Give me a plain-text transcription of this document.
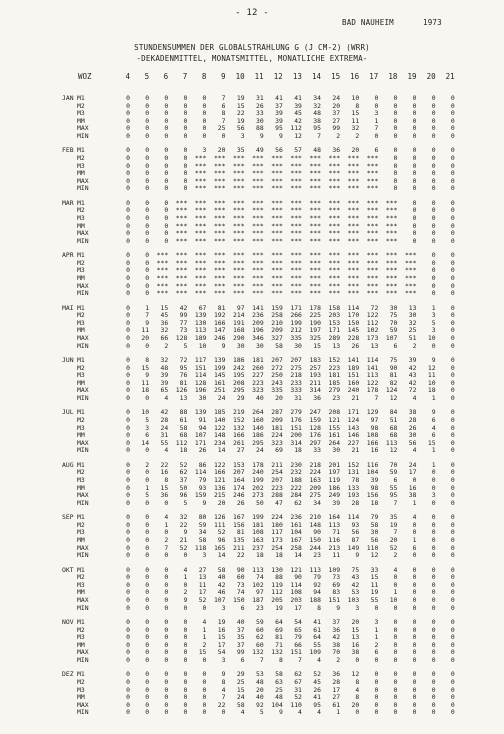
- 12 -
BAD NAUHEIM	1973
STUNDENSUMMEN DER GLOBALSTRAHLUNG G (J CM-2) (WRR)
-DEKADENMITTEL, MONATSMITTEL, MONATLICHE EXTREMA-
WOZ	4	5	6	7	8	9	10	11	12	13	14	15	16	17	18	19	20	21
JAN M1	0	0	0	0	0	7	19	31	41	41	34	24	10	0	0	0	0	0
M2	0	0	0	0	0	6	15	26	37	39	32	20	8	0	0	0	0	0
M3	0	0	0	0	0	8	22	33	39	45	48	37	15	3	0	0	0	0
MM	0	0	0	0	0	7	19	30	39	42	38	27	11	1	0	0	0	0
MAX	0	0	0	0	0	25	56	88	95	112	95	99	32	7	0	0	0	0
MIN	0	0	0	0	0	0	3	9	9	12	7	2	2	0	0	0	0	0
FEB M1	0	0	0	0	3	20	35	49	56	57	48	36	20	6	0	0	0	0
M2	0	0	0	0	***	***	***	***	***	***	***	***	***	***	0	0	0	0
M3	0	0	0	0	***	***	***	***	***	***	***	***	***	***	0	0	0	0
MM	0	0	0	0	***	***	***	***	***	***	***	***	***	***	0	0	0	0
MAX	0	0	0	0	***	***	***	***	***	***	***	***	***	***	0	0	0	0
MIN	0	0	0	0	***	***	***	***	***	***	***	***	***	***	0	0	0	0
MAR M1	0	0	0	***	***	***	***	***	***	***	***	***	***	***	***	0	0	0
M2	0	0	0	***	***	***	***	***	***	***	***	***	***	***	***	0	0	0
M3	0	0	0	***	***	***	***	***	***	***	***	***	***	***	***	0	0	0
MM	0	0	0	***	***	***	***	***	***	***	***	***	***	***	***	0	0	0
MAX	0	0	0	***	***	***	***	***	***	***	***	***	***	***	***	0	0	0
MIN	0	0	0	***	***	***	***	***	***	***	***	***	***	***	***	0	0	0
APR M1	0	0	***	***	***	***	***	***	***	***	***	***	***	***	***	***	0	0
M2	0	0	***	***	***	***	***	***	***	***	***	***	***	***	***	***	0	0
M3	0	0	***	***	***	***	***	***	***	***	***	***	***	***	***	***	0	0
MM	0	0	***	***	***	***	***	***	***	***	***	***	***	***	***	***	0	0
MAX	0	0	***	***	***	***	***	***	***	***	***	***	***	***	***	***	0	0
MIN	0	0	***	***	***	***	***	***	***	***	***	***	***	***	***	***	0	0
MAI M1	0	1	15	42	67	81	97	141	159	171	178	158	114	72	30	13	1	0
M2	0	7	45	99	139	192	214	236	258	266	225	203	170	122	75	30	3	0
M3	0	9	36	77	130	166	191	209	210	199	190	153	150	112	70	32	5	0
MM	0	11	32	73	113	147	168	196	209	212	197	171	145	102	59	25	3	0
MAX	0	20	66	128	189	246	290	346	327	335	325	289	228	173	107	51	10	0
MIN	0	0	2	5	10	9	30	30	58	30	15	13	26	13	6	2	0	0
JUN M1	0	8	32	72	117	139	186	181	207	207	183	152	141	114	75	39	9	0
M2	0	15	48	95	151	199	242	260	272	275	257	223	189	141	90	42	12	0
M3	0	9	39	76	114	145	195	227	250	218	193	181	151	113	81	43	11	0
MM	0	11	39	81	128	161	208	223	243	233	211	185	160	122	82	42	10	0
MAX	0	18	65	126	196	251	295	323	335	333	314	279	240	178	124	72	18	0
MIN	0	0	4	13	30	24	29	40	20	31	36	23	21	7	12	4	1	0
JUL M1	0	10	42	88	139	185	219	264	287	279	247	208	171	129	84	38	9	0
M2	0	5	28	61	91	140	152	160	209	176	159	121	124	97	51	28	6	0
M3	0	3	24	58	94	122	132	140	181	151	128	155	143	98	68	26	4	0
MM	0	6	31	68	107	148	166	186	224	200	176	161	146	108	68	30	6	0
MAX	0	14	55	112	171	234	261	295	323	314	297	264	227	166	113	56	15	0
MIN	0	0	4	18	26	14	27	24	69	18	33	30	21	16	12	4	1	0
AUG M1	0	2	22	52	86	122	153	178	211	230	218	201	152	116	70	24	1	0
M2	0	0	16	62	114	166	207	240	254	232	224	197	131	104	59	17	0	0
M3	0	0	8	37	79	121	164	199	207	188	163	119	78	39	6	0	0	0
MM	0	1	15	50	93	136	174	202	223	222	209	186	133	98	55	16	0	0
MAX	0	5	36	96	159	215	246	273	288	284	275	249	193	156	95	38	3	0
MIN	0	0	0	5	9	20	26	50	47	62	34	39	28	18	7	1	0	0
SEP M1	0	0	4	32	80	126	167	199	224	236	210	164	114	79	35	4	0	0
M2	0	0	1	22	59	111	156	181	180	161	148	113	93	58	19	0	0	0
M3	0	0	0	9	34	52	81	108	117	104	90	71	56	30	7	0	0	0
MM	0	0	2	21	58	96	135	163	173	167	150	116	87	56	20	1	0	0
MAX	0	0	7	52	118	165	211	237	254	258	244	213	149	110	52	6	0	0
MIN	0	0	0	0	3	14	22	18	18	14	23	11	9	12	2	0	0	0
OKT M1	0	0	0	4	27	58	90	113	130	121	113	109	75	33	4	0	0	0
M2	0	0	0	1	13	40	60	74	88	90	79	73	43	15	0	0	0	0
M3	0	0	0	0	11	42	73	102	119	114	92	69	42	11	0	0	0	0
MM	0	0	0	2	17	46	74	97	112	108	94	83	53	19	1	0	0	0
MAX	0	0	0	9	52	107	150	187	205	203	188	151	103	55	10	0	0	0
MIN	0	0	0	0	0	3	6	23	19	17	8	9	3	0	0	0	0	0
NOV M1	0	0	0	0	4	19	40	59	64	54	41	37	20	3	0	0	0	0
M2	0	0	0	0	1	16	37	60	69	65	61	36	15	1	0	0	0	0
M3	0	0	0	0	1	15	35	62	81	79	64	42	13	1	0	0	0	0
MM	0	0	0	0	2	17	37	60	71	66	55	38	16	2	0	0	0	0
MAX	0	0	0	0	15	54	99	132	132	151	109	70	38	6	0	0	0	0
MIN	0	0	0	0	0	3	6	7	8	7	4	2	0	0	0	0	0	0
DEZ M1	0	0	0	0	0	9	29	53	58	62	52	36	12	0	0	0	0	0
M2	0	0	0	0	0	8	25	48	63	67	45	28	8	0	0	0	0	0
M3	0	0	0	0	0	4	15	20	25	31	26	17	4	0	0	0	0	0
MM	0	0	0	0	0	7	24	40	48	52	41	27	8	0	0	0	0	0
MAX	0	0	0	0	0	22	58	92	104	110	95	61	20	0	0	0	0	0
MIN	0	0	0	0	0	0	4	5	9	4	4	1	0	0	0	0	0	0
